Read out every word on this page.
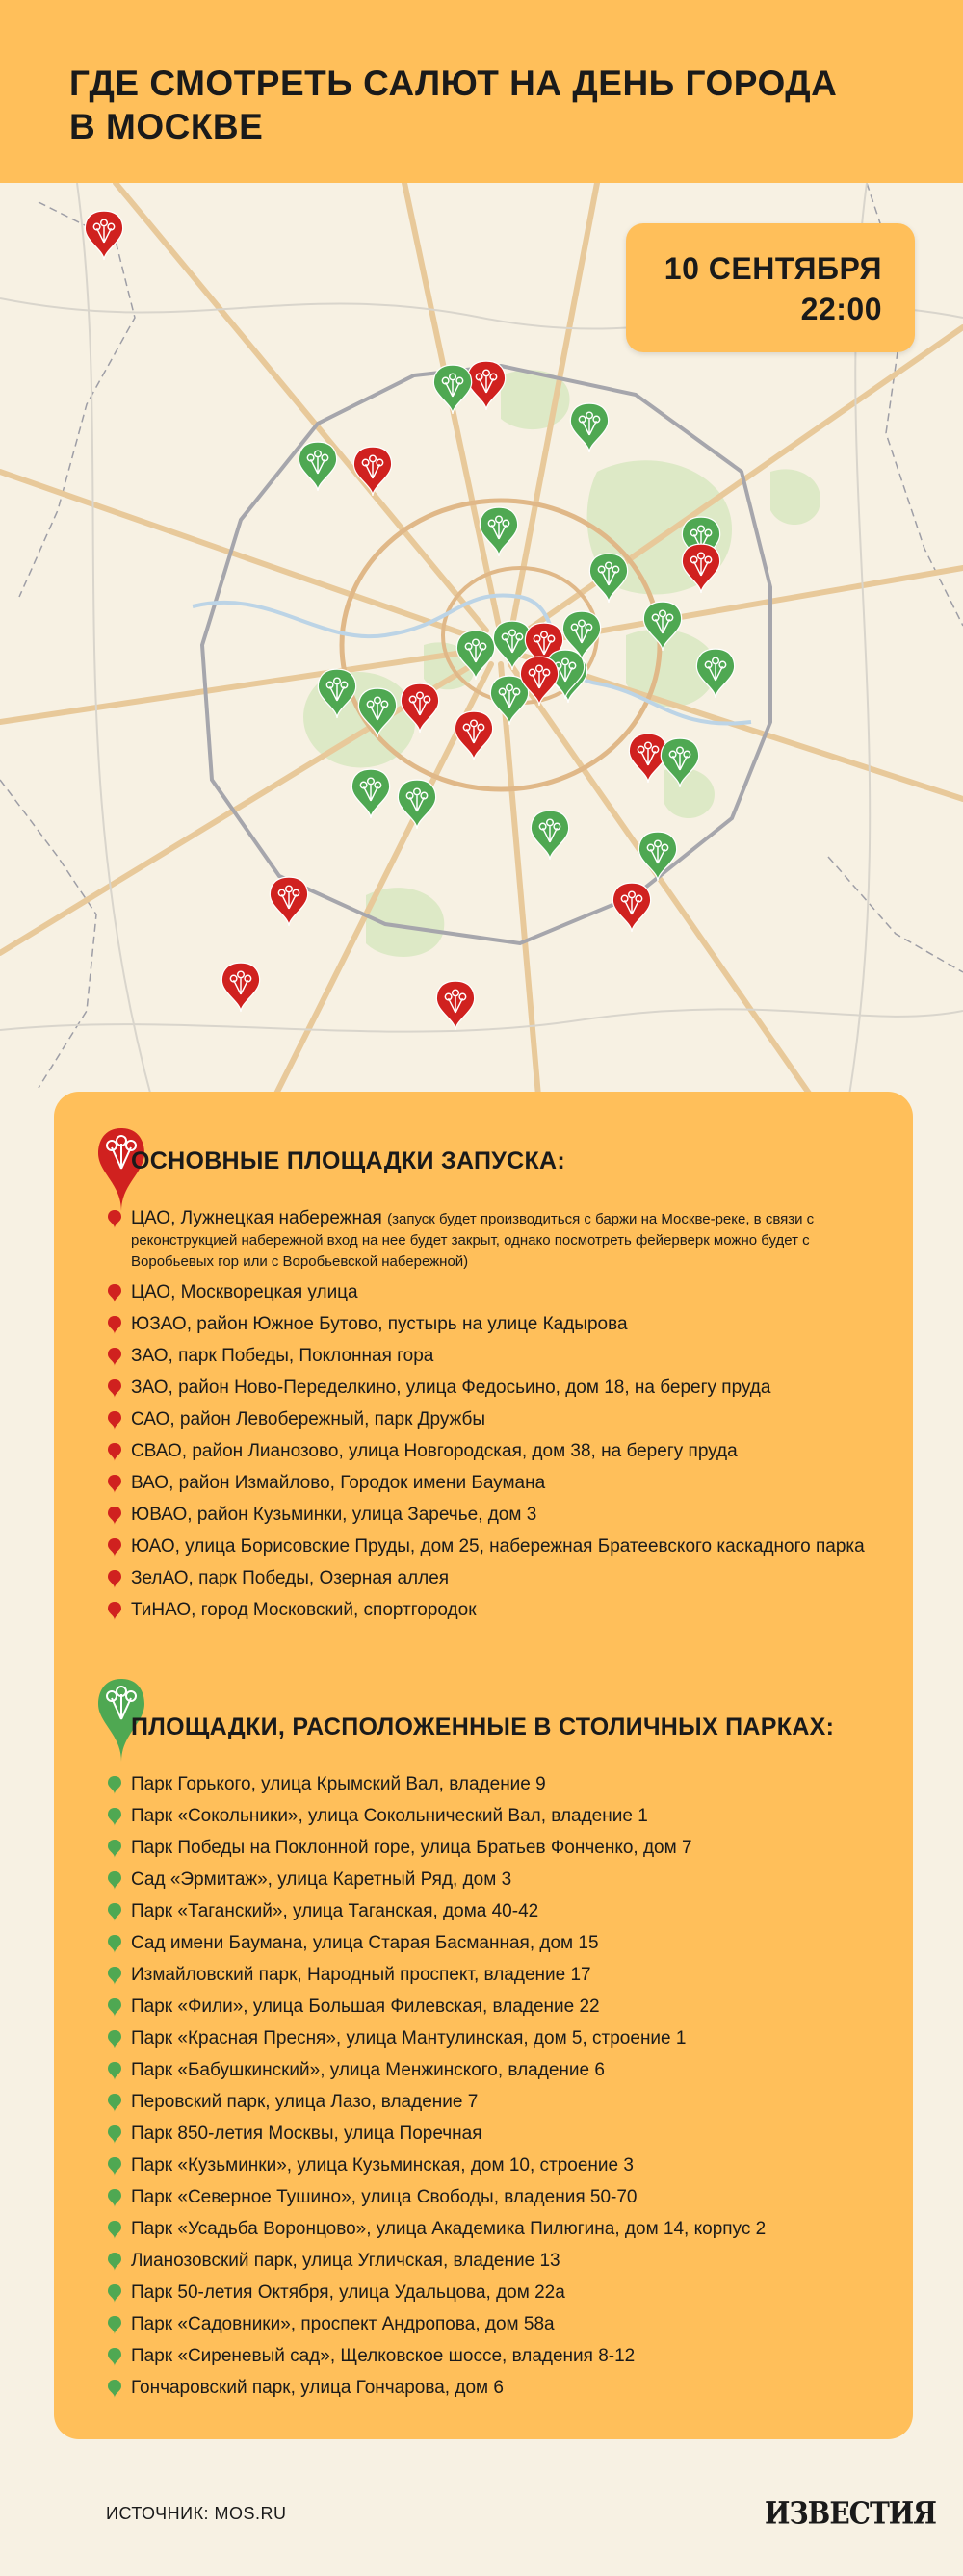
ГДЕ СМОТРЕТЬ САЛЮТ НА ДЕНЬ ГОРОДА В МОСКВЕ
10 СЕНТЯБРЯ
22:00
ОСНОВНЫЕ ПЛОЩАДКИ ЗАПУСКА:
ЦАО, Лужнецкая набережная (запуск будет производиться с баржи на Москве-реке, в связи с реконструкцией набережной вход на нее будет закрыт, однако посмотреть фейерверк можно будет с Воробьевых гор или с Воробьевской набережной)
ЦАО, Москворецкая улица
ЮЗАО, район Южное Бутово, пустырь на улице Кадырова
ЗАО, парк Победы, Поклонная гора
ЗАО, район Ново-Переделкино, улица Федосьино, дом 18, на берегу пруда
САО, район Левобережный, парк Дружбы
СВАО, район Лианозово, улица Новгородская, дом 38, на берегу пруда
ВАО, район Измайлово, Городок имени Баумана
ЮВАО, район Кузьминки, улица Заречье, дом 3
ЮАО, улица Борисовские Пруды, дом 25, набережная Братеевского каскадного парка
ЗелАО, парк Победы, Озерная аллея
ТиНАО, город Московский, спортгородок
ПЛОЩАДКИ, РАСПОЛОЖЕННЫЕ В СТОЛИЧНЫХ ПАРКАХ:
Парк Горького, улица Крымский Вал, владение 9
Парк «Сокольники», улица Сокольнический Вал, владение 1
Парк Победы на Поклонной горе, улица Братьев Фонченко, дом 7
Сад «Эрмитаж», улица Каретный Ряд, дом 3
Парк «Таганский», улица Таганская, дома 40-42
Сад имени Баумана, улица Старая Басманная, дом 15
Измайловский парк, Народный проспект, владение 17
Парк «Фили», улица Большая Филевская, владение 22
Парк «Красная Пресня», улица Мантулинская, дом 5, строение 1
Парк «Бабушкинский», улица Менжинского, владение 6
Перовский парк, улица Лазо, владение 7
Парк 850-летия Москвы, улица Поречная
Парк «Кузьминки», улица Кузьминская, дом 10, строение 3
Парк «Северное Тушино», улица Свободы, владения 50-70
Парк «Усадьба Воронцово», улица Академика Пилюгина, дом 14, корпус 2
Лианозовский парк, улица Угличская, владение 13
Парк 50-летия Октября, улица Удальцова, дом 22а
Парк «Садовники», проспект Андропова, дом 58а
Парк «Сиреневый сад», Щелковское шоссе, владения 8-12
Гончаровский парк, улица Гончарова, дом 6
ИСТОЧНИК: MOS.RU	ИЗВЕСТИЯ
